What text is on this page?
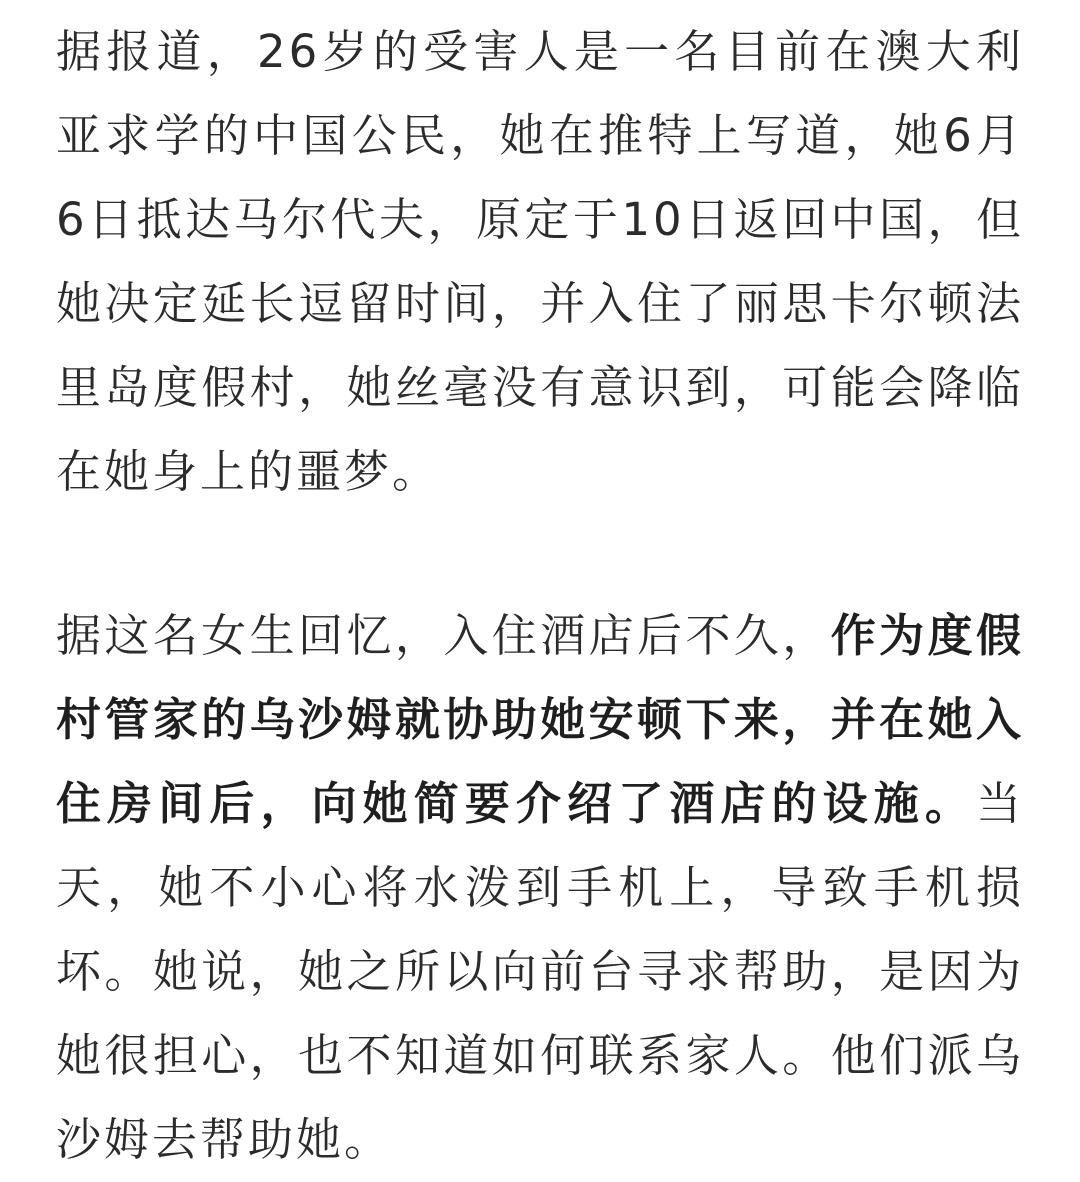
据报道，26岁的受害人是一名目前在澳大利亚求学的中国公民，她在推特上写道，她6月6日抵达马尔代夫，原定于10日返回中国，但她决定延长逗留时间，并入住了丽思卡尔顿法里岛度假村，她丝毫没有意识到，可能会降临在她身上的噩梦。

据这名女生回忆，入住酒店后不久，作为度假村管家的乌沙姆就协助她安顿下来，并在她入住房间后，向她简要介绍了酒店的设施。当天，她不小心将水泼到手机上，导致手机损坏。她说，她之所以向前台寻求帮助，是因为她很担心，也不知道如何联系家人。他们派乌沙姆去帮助她。
